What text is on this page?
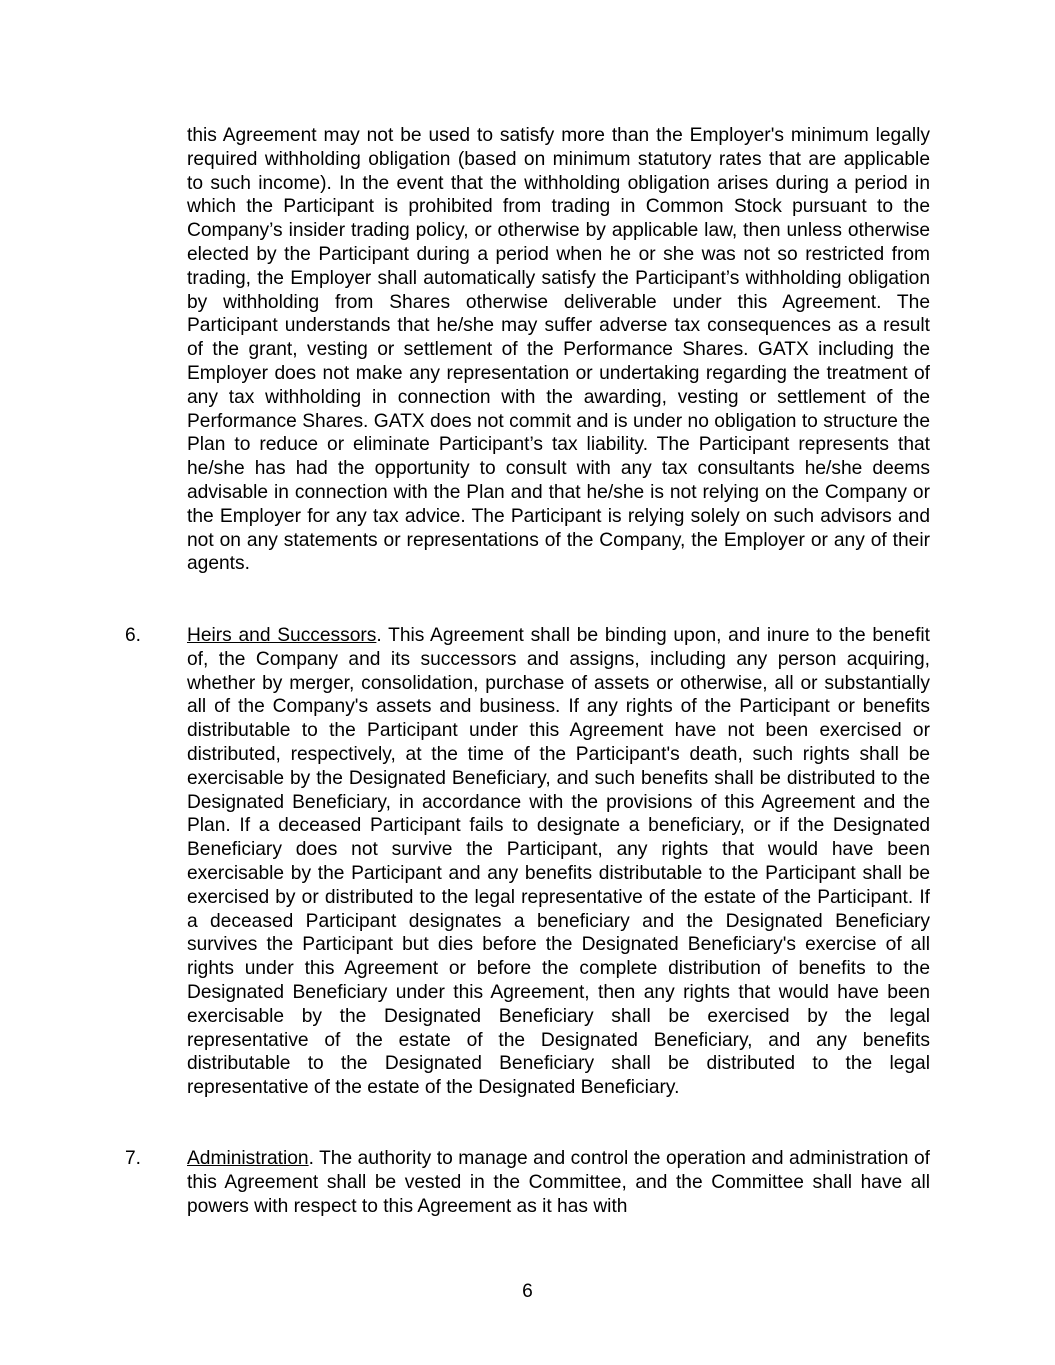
this Agreement may not be used to satisfy more than the Employer's minimum legally required withholding obligation (based on minimum statutory rates that are applicable to such income). In the event that the withholding obligation arises during a period in which the Participant is prohibited from trading in Common Stock pursuant to the Company’s insider trading policy, or otherwise by applicable law, then unless otherwise elected by the Participant during a period when he or she was not so restricted from trading, the Employer shall automatically satisfy the Participant’s withholding obligation by withholding from Shares otherwise deliverable under this Agreement. The Participant understands that he/she may suffer adverse tax consequences as a result of the grant, vesting or settlement of the Performance Shares. GATX including the Employer does not make any representation or undertaking regarding the treatment of any tax withholding in connection with the awarding, vesting or settlement of the Performance Shares. GATX does not commit and is under no obligation to structure the Plan to reduce or eliminate Participant’s tax liability. The Participant represents that he/she has had the opportunity to consult with any tax consultants he/she deems advisable in connection with the Plan and that he/she is not relying on the Company or the Employer for any tax advice. The Participant is relying solely on such advisors and not on any statements or representations of the Company, the Employer or any of their agents.

6. Heirs and Successors. This Agreement shall be binding upon, and inure to the benefit of, the Company and its successors and assigns, including any person acquiring, whether by merger, consolidation, purchase of assets or otherwise, all or substantially all of the Company's assets and business. If any rights of the Participant or benefits distributable to the Participant under this Agreement have not been exercised or distributed, respectively, at the time of the Participant's death, such rights shall be exercisable by the Designated Beneficiary, and such benefits shall be distributed to the Designated Beneficiary, in accordance with the provisions of this Agreement and the Plan. If a deceased Participant fails to designate a beneficiary, or if the Designated Beneficiary does not survive the Participant, any rights that would have been exercisable by the Participant and any benefits distributable to the Participant shall be exercised by or distributed to the legal representative of the estate of the Participant. If a deceased Participant designates a beneficiary and the Designated Beneficiary survives the Participant but dies before the Designated Beneficiary's exercise of all rights under this Agreement or before the complete distribution of benefits to the Designated Beneficiary under this Agreement, then any rights that would have been exercisable by the Designated Beneficiary shall be exercised by the legal representative of the estate of the Designated Beneficiary, and any benefits distributable to the Designated Beneficiary shall be distributed to the legal representative of the estate of the Designated Beneficiary.

7. Administration. The authority to manage and control the operation and administration of this Agreement shall be vested in the Committee, and the Committee shall have all powers with respect to this Agreement as it has with

6
